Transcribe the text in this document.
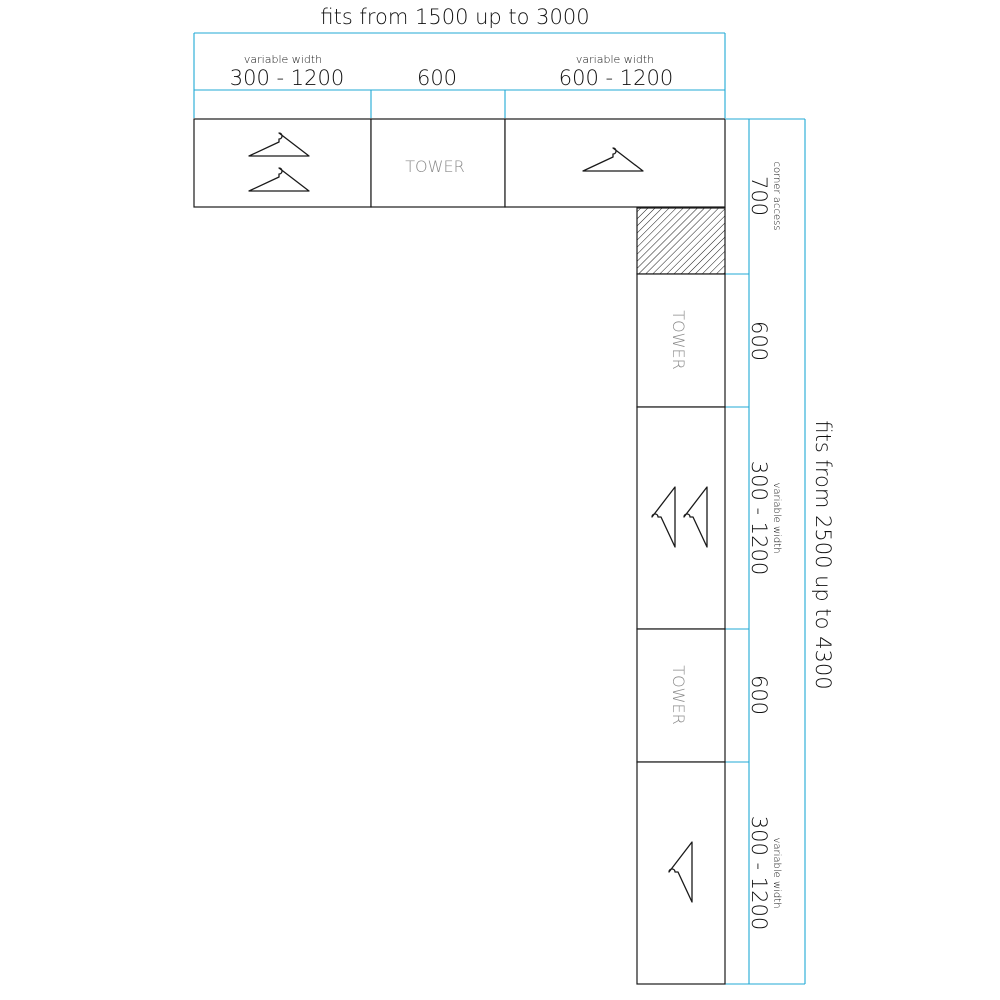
fits from 1500 up to 3000
variable width
300 - 1200	600
variable width
600 - 1200
TOWER
TOWER
TOWER
corner access
700
600
variable width
300 - 1200
600
variable width
300 - 1200
fits from 2500 up to 4300
